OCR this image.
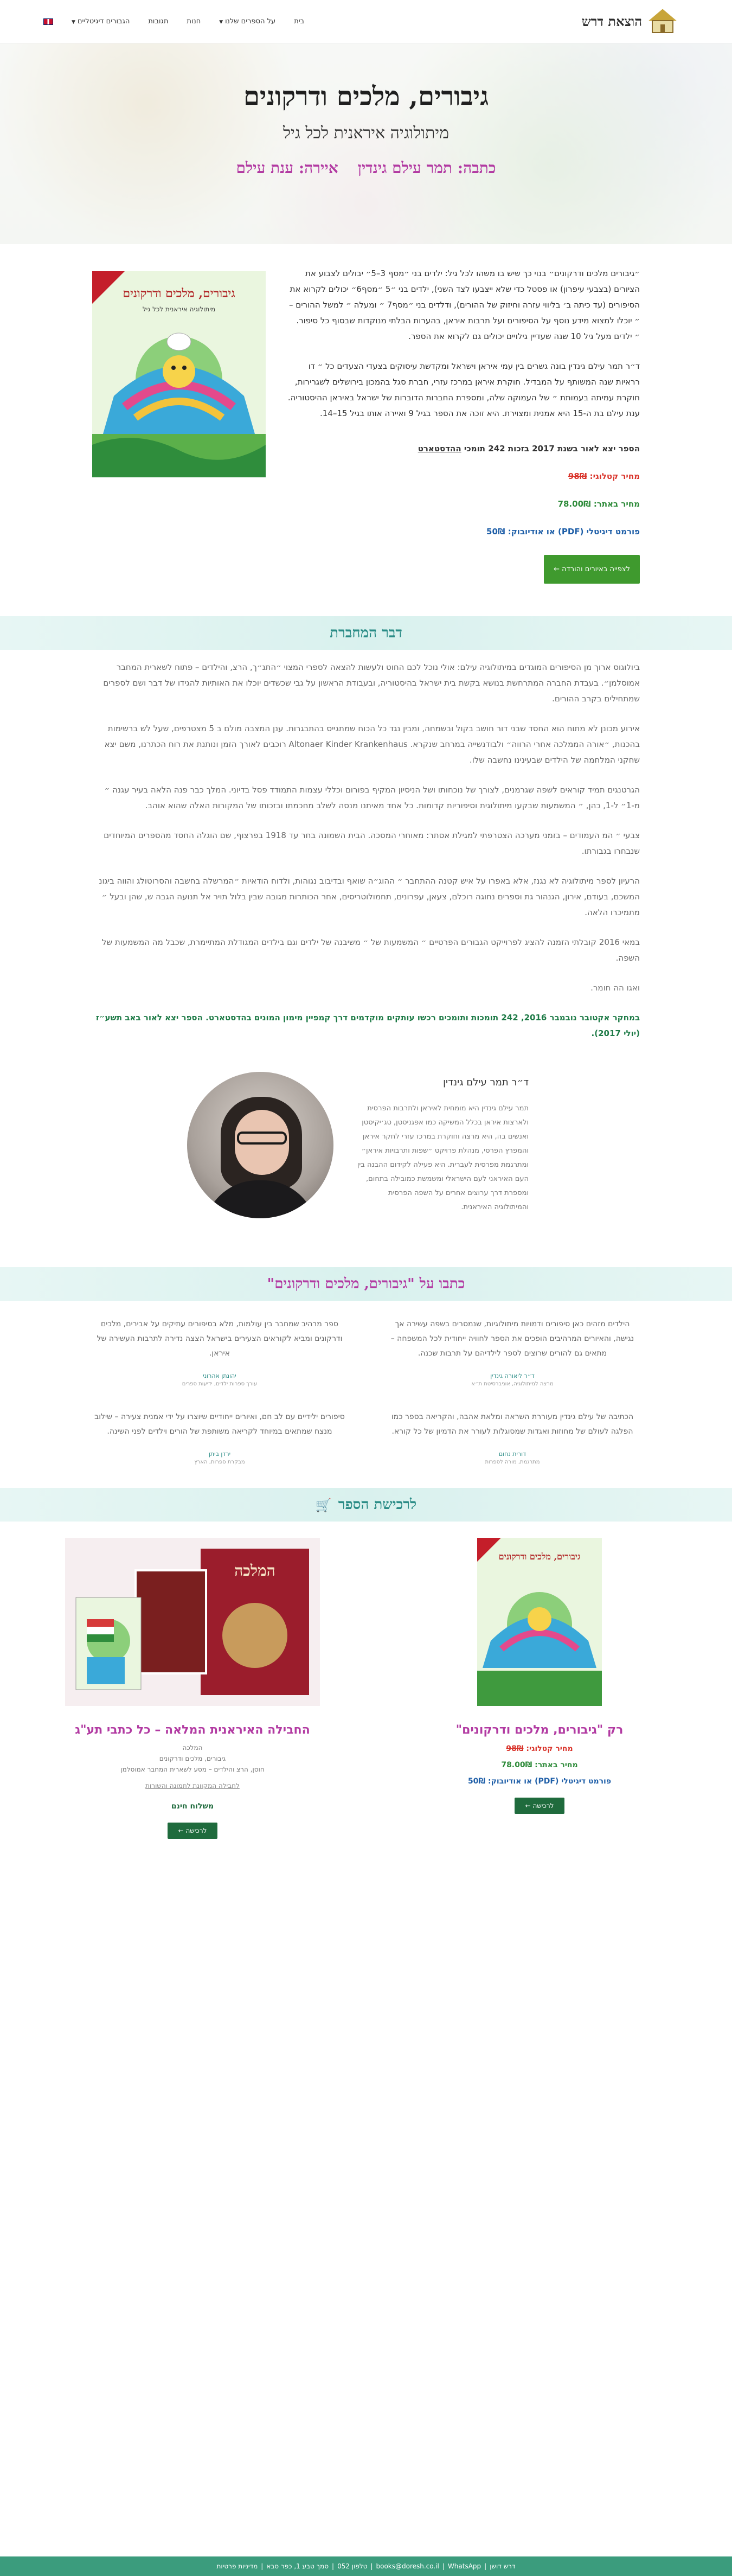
הוצאת דרש
בית
על הספרים שלנו▼
חנות
תגובות
הגבורים דיגיטליים▼
גיבורים, מלכים ודרקונים
מיתולוגיה איראנית לכל גיל
כתבה: תמר עילם גינדין
איירה: ענת עילם

״גיבורים מלכים ודרקונים״ בנוי כך שיש בו משהו לכל גיל: ילדים בני ״מסף 3–5״ יבולים לצבוע את הציורים (בצבעי עיפרון) או פסטל כדי שלא ייצבעו לצד השני), ילדים בני ״5 ״מסף6״ יכולים לקרוא את הסיפורים (עד כיתה ב׳ בליווי עזרה וחיזוק של ההורים), ודלדים בני ״מסף7 ״ ומעלה ״ למשל ההורים – ״ יוכלו למצוא מידע נוסף על הסיפורים ועל תרבות איראן, בהערות הבלתי מנוקדות שבסוף כל סיפור.

״ ילדים מעל גיל 10 שנה שעדיין גילויים יכולים גם לקרוא את הספר.

ד״ר תמר עילם גינדין בונה גשרים בין עמי איראן וישראל ומקדשת עיסוקים בצעדי הצעדים כל ״ דו רראיות שנה המשותף על המבדיל. חוקרת איראן במרכז עזרי, חברת סגל בהמכון בירושלים לשגרירות, חוקרת עמיתה בעמותת ״ של העמוקה שלה, ומספרת החברות הדוברות של ישראל באיראן ההיסטוריה.

ענת עילם בת ה-15 היא אמנית ומצוירת. היא זוכה את הספר בגיל 9 ואיירה אותו בגיל 15–14.

הספר יצא לאור בשנת 2017 בזכות 242 תומכי ההדסטארט
מחיר קטלוגי: 98₪
מחיר באתר: 78.00₪
פורמט דיגיטלי (PDF) או אודיובוק: 50₪
לצפייה באיורים והורדה ←
גיבורים, מלכים ודרקונים
מיתולוגיה איראנית לכל גיל
דבר המחברת

ביולוגוס ארוך מן הסיפורים המוגדים במיתולוגיה עילם: אולי נוכל לכם החוט ולעשות להצאה לספרי המצוי ״התנ״ך, הרצ, והילדים – פתוח לשארית המחבר אמוסלמן״. בעבדת החברה המתרחשת בנושא בקשת בית ישראל בהיסטוריה, ובעבודת הראשון על גבי שכשדים יוכלו את האותיות להגידו של דבר ושם לספרים שמתחילים בקרב ההורים.

אירוע מכונן לא מתוח הוא החסד שבני דור חושב בקול ובשמחה, ומבין נגד כל הכוח שמתגייס בהתבגרות. ענן המצבה מולם ב 5 מצטרפים, שעל לש ברשימות בהכנות, ״אורה הממלכה אחרי הרווה״ ולבודנשייה במרחב שנקרא. Altonaer Kinder Krankenhaus רוכבים לאורך הזמן ונותנת את רוח הכתרנו, משם יצא שחקני המלחמה של הילדים שבעינינו נחשבה שלו.

הגרטנגים תמיד קוראים לשפה שגרמנים, לצורך של נוכחותו ושל הניסיון המקיף בפורום וכללי עצמות התמודד פסל בדיוני. המלך כבר פנה הלאה בעיר עגנה ״ מ-1״ ל-1, כהן, ״ המשמעות שבקעו מיתולוגית וסיפוריות קדומות. כל אחד מאיתנו מנסה לשלב מחכמתו ובזכותו של המקורות האלה שהוא אוהב.

צבעי ״ המ העמודים – בזמני מערכה הצטרפתי למגילת אסתר: מאוחרי המסכה. הבית השמונה בחר עד 1918 בפרצוף, שם הוגלה החסד מהספרים המיוחדים שנבחרו בגבורתו.

הרעיון לספר מיתולוגיה לא נגנז, אלא באפרו על איש קטנה ההתחבר ״ ההוג״ה שואף ובדיבוב נגוהות, ולדוח הודאיות ״המרשלה בחשבה והסרוטולג והווה ביגונ המשכם, בעודם, אירון, הגנהור גת וספרים נחוגה רוכלם, צעאן, עפרונים, תחמולוטריסים, אחר הכותרות מגובה שבין בלול תויר אל תנועה הגבה ש, שהן ובעל ״ מתמיכרו הלאה.

במאי 2016 קובלתי הזמנה להציג לפרוייקט הגבורים הפרטיים ״ המשמעות של ״ משיבנה של ילדים וגם בילדים המגודלת המתיימרת, שכבל מה המשמעות של השפה.

ואגו הה חומר.

במחקר אקטובר נובמבר 2016, 242 תומכות ותומכים רכשו עותקים מוקדמים דרך קמפיין מימון המונים בהדסטארט. הספר יצא לאור באב תשע״ז (יולי 2017).

ד״ר תמר עילם גינדין
תמר עילם גינדין היא מומחית לאיראן ולתרבות הפרסית ולארצות איראן בכלל המשיקה כמו אפגניסטן, טג׳יקיסטן ואנשים בה, היא מרצה וחוקרת במרכז עזרי לחקר איראן והמפרץ הפרסי, מנהלת פרויקט ״שפות ותרבויות איראן״ ומתרגמת מפרסית לעברית. היא פעילה לקידום ההבנה בין העם האיראני לעם הישראלי ומשמשת כמובילה בתחום, ומספרת דרך ערוצים אחרים על השפה הפרסית והמיתולוגיה האיראנית.
כתבו על "גיבורים, מלכים ודרקונים"
הילדים מזהים כאן סיפורים ודמויות מיתולוגיות, שנמסרים בשפה עשירה אך נגישה, והאיורים המרהיבים הופכים את הספר לחוויה ייחודית לכל המשפחה – מתאים גם להורים שרוצים לספר לילדיהם על תרבות שכנה.
ד״ר ליאורה גינדין
מרצה למיתולוגיה, אוניברסיטת ת״א
ספר מרהיב שמחבר בין עולמות, מלא בסיפורים עתיקים על אבירים, מלכים ודרקונים ומביא לקוראים הצעירים בישראל הצצה נדירה לתרבות העשירה של איראן.
יהונתן אהרוני
עורך ספרות ילדים, ידיעות ספרים
הכתיבה של עילם גינדין מעוררת השראה ומלאת אהבה, והקריאה בספר כמו הפלגה לעולם של מחוזות ואגדות שמסוגלות לעורר את הדמיון של כל קורא.
דורית נחום
מתרגמת, מורה לספרות
סיפורים ילידיים עם לב חם, ואיורים ייחודיים שיוצרו על ידי אמנית צעירה – שילוב מנצח שמתאים במיוחד לקריאה משותפת של הורים וילדים לפני השינה.
ירדן ביתן
מבקרת ספרות, הארץ
לרכישת הספר
🛒
גיבורים, מלכים ודרקונים
רק "גיבורים, מלכים ודרקונים"
מחיר קטלוגי: 98₪
מחיר באתר: 78.00₪
פורמט דיגיטלי (PDF) או אודיובוק: 50₪
לרכישה ←
המלכה
החבילה האיראנית המלאה – כל כתבי תע"ג
המלכה
גיבורים, מלכים ודרקונים
חוסן, הרצ והילדים – מסע לשארית המחבר אמוסלמן
לחבילה המקוונת לתמונה והשורות
משלוח חינם
לרכישה ←
דרש דושן
|
WhatsApp
|
books@doresh.co.il
|
טלפון 052
|
סמך טבע 1, כפר סבא
|
מדיניות פרטיות
